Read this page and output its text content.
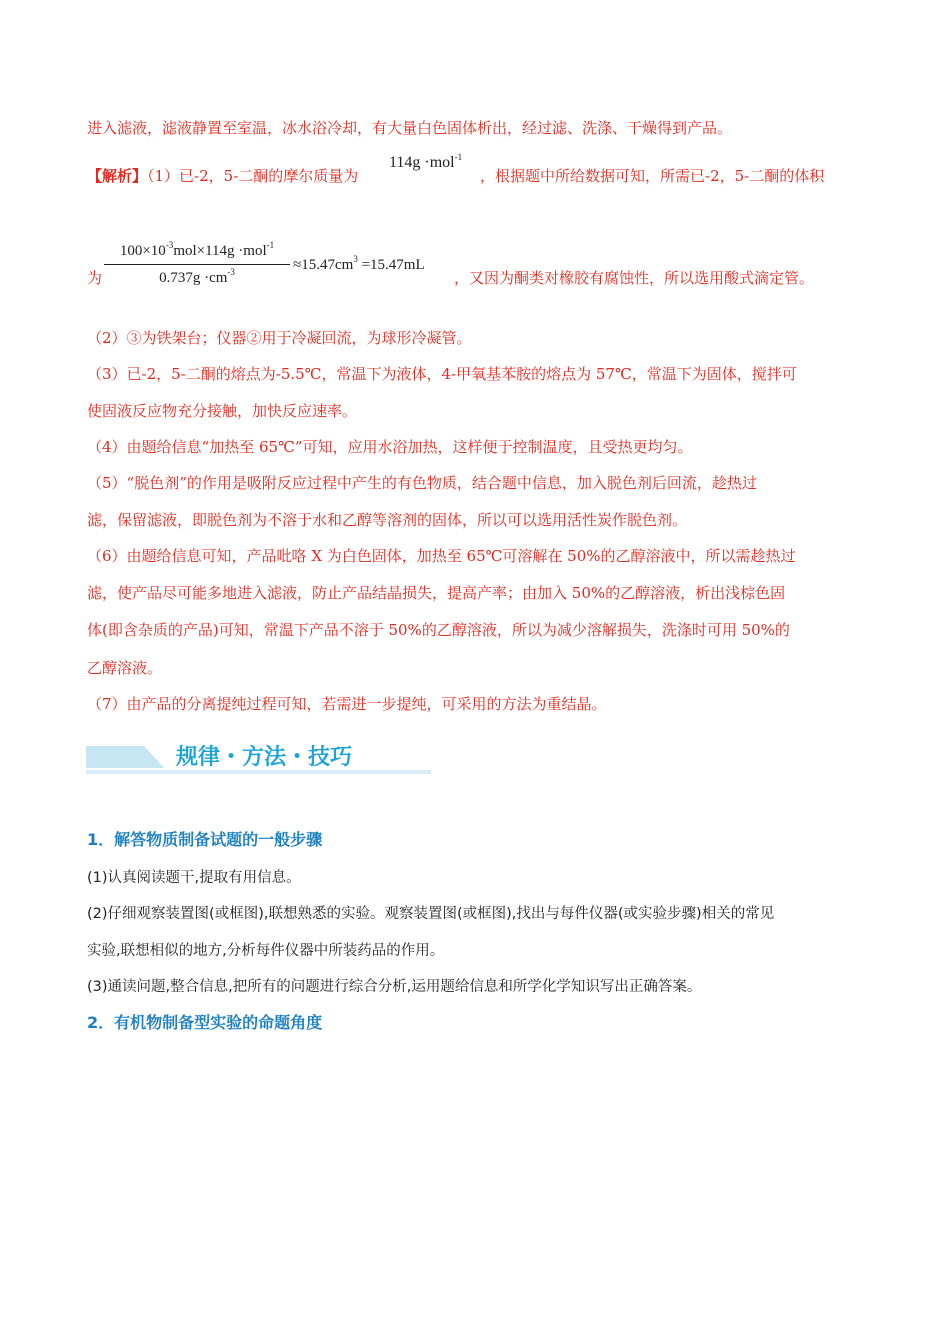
进入滤液，滤液静置至室温，冰水浴冷却，有大量白色固体析出，经过滤、洗涤、干燥得到产品。
【解析】（1）已-2，5-二酮的摩尔质量为
114g ·mol$^{-1}$
，根据题中所给数据可知，所需已-2，5-二酮的体积
为
$100\times 10^{-3}mol\times 114g \cdot mol^{-1}$
$0.737g \cdot cm^{-3}$	$\approx 15.47cm^3 =15.47mL$
，又因为酮类对橡胶有腐蚀性，所以选用酸式滴定管。
（2）③为铁架台；仪器②用于冷凝回流，为球形冷凝管。
（3）已-2，5-二酮的熔点为-5.5℃，常温下为液体，4-甲氧基苯胺的熔点为 57℃，常温下为固体，搅拌可
使固液反应物充分接触，加快反应速率。
（4）由题给信息“加热至 65℃”可知，应用水浴加热，这样便于控制温度，且受热更均匀。
（5）“脱色剂”的作用是吸附反应过程中产生的有色物质，结合题中信息，加入脱色剂后回流，趁热过
滤，保留滤液，即脱色剂为不溶于水和乙醇等溶剂的固体，所以可以选用活性炭作脱色剂。
（6）由题给信息可知，产品吡咯 X 为白色固体，加热至 65℃可溶解在 50%的乙醇溶液中，所以需趁热过
滤，使产品尽可能多地进入滤液，防止产品结晶损失，提高产率；由加入 50%的乙醇溶液，析出浅棕色固
体(即含杂质的产品)可知，常温下产品不溶于 50%的乙醇溶液，所以为减少溶解损失，洗涤时可用 50%的
乙醇溶液。
（7）由产品的分离提纯过程可知，若需进一步提纯，可采用的方法为重结晶。
规律・方法・技巧
1．解答物质制备试题的一般步骤
(1)认真阅读题干,提取有用信息。
(2)仔细观察装置图(或框图),联想熟悉的实验。观察装置图(或框图),找出与每件仪器(或实验步骤)相关的常见
实验,联想相似的地方,分析每件仪器中所装药品的作用。
(3)通读问题,整合信息,把所有的问题进行综合分析,运用题给信息和所学化学知识写出正确答案。
2．有机物制备型实验的命题角度
